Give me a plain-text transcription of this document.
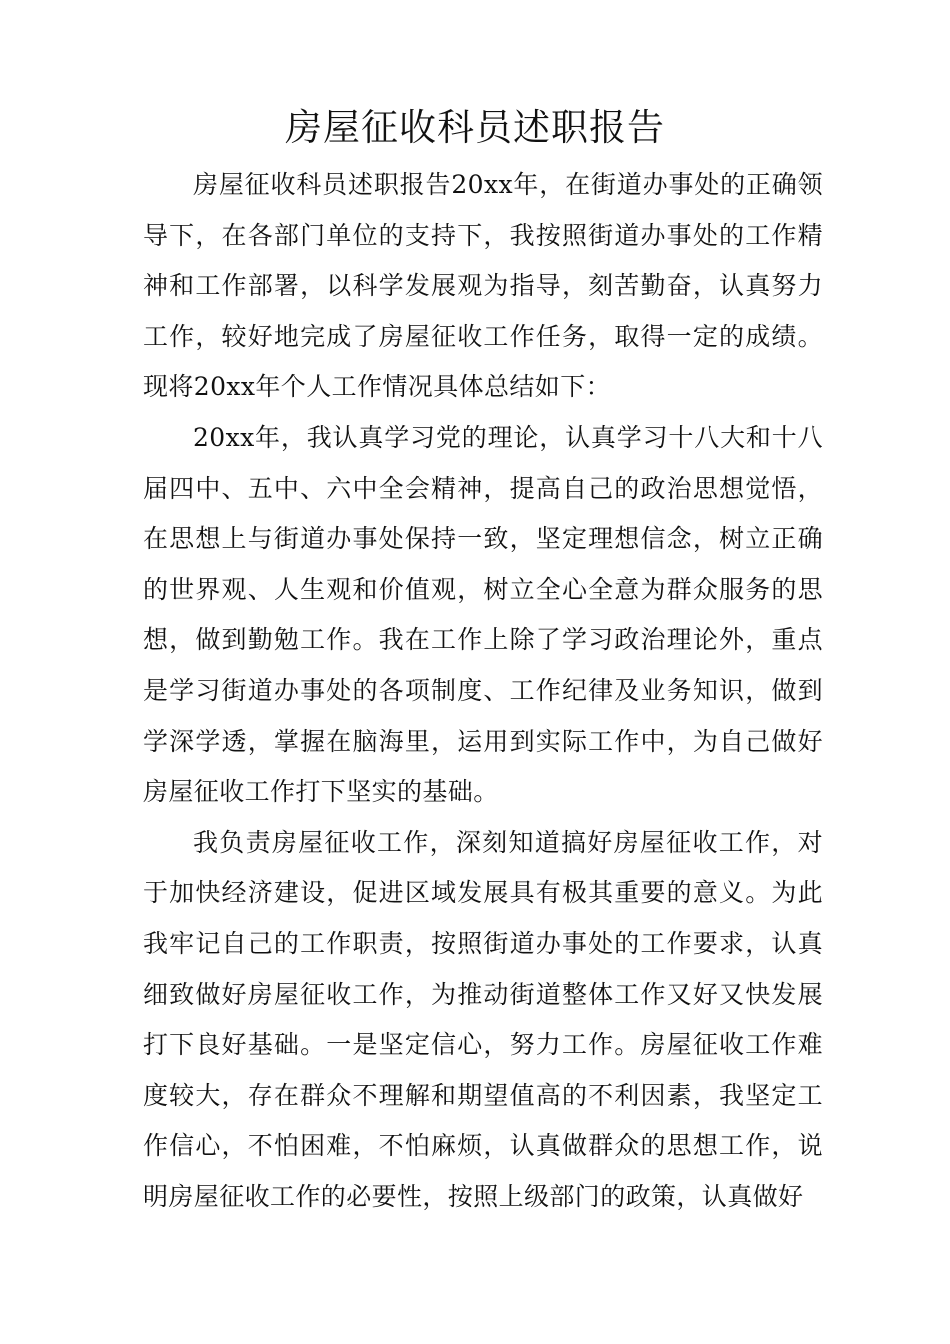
房屋征收科员述职报告

房屋征收科员述职报告20xx年，在街道办事处的正确领导下，在各部门单位的支持下，我按照街道办事处的工作精神和工作部署，以科学发展观为指导，刻苦勤奋，认真努力工作，较好地完成了房屋征收工作任务，取得一定的成绩。现将20xx年个人工作情况具体总结如下：

20xx年，我认真学习党的理论，认真学习十八大和十八届四中、五中、六中全会精神，提高自己的政治思想觉悟，在思想上与街道办事处保持一致，坚定理想信念，树立正确的世界观、人生观和价值观，树立全心全意为群众服务的思想，做到勤勉工作。我在工作上除了学习政治理论外，重点是学习街道办事处的各项制度、工作纪律及业务知识，做到学深学透，掌握在脑海里，运用到实际工作中，为自己做好房屋征收工作打下坚实的基础。

我负责房屋征收工作，深刻知道搞好房屋征收工作，对于加快经济建设，促进区域发展具有极其重要的意义。为此我牢记自己的工作职责，按照街道办事处的工作要求，认真细致做好房屋征收工作，为推动街道整体工作又好又快发展打下良好基础。一是坚定信心，努力工作。房屋征收工作难度较大，存在群众不理解和期望值高的不利因素，我坚定工作信心，不怕困难，不怕麻烦，认真做群众的思想工作，说明房屋征收工作的必要性，按照上级部门的政策，认真做好
